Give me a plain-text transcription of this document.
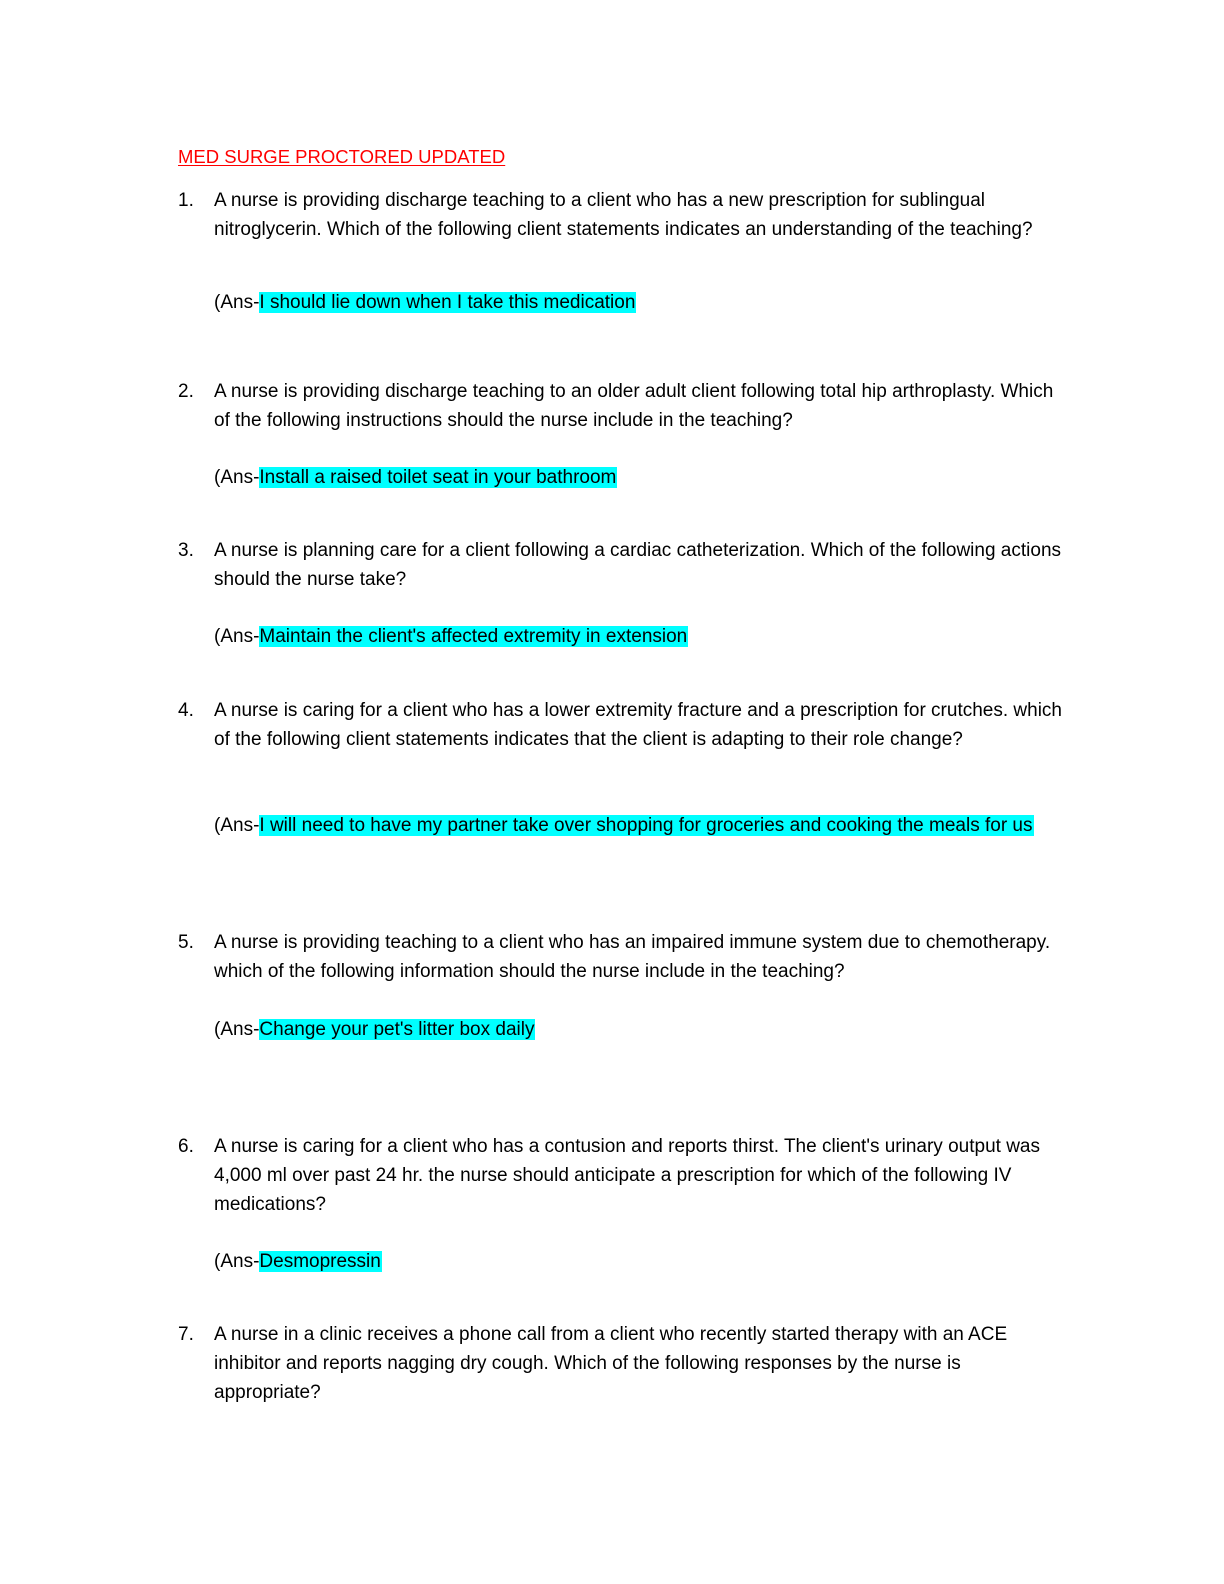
MED SURGE PROCTORED UPDATED
1.	A nurse is providing discharge teaching to a client who has a new prescription for sublingual nitroglycerin. Which of the following client statements indicates an understanding of the teaching?
(Ans-I should lie down when I take this medication
2.	A nurse is providing discharge teaching to an older adult client following total hip arthroplasty. Which of the following instructions should the nurse include in the teaching?
(Ans-Install a raised toilet seat in your bathroom
3.	A nurse is planning care for a client following a cardiac catheterization. Which of the following actions should the nurse take?
(Ans-Maintain the client's affected extremity in extension
4.	A nurse is caring for a client who has a lower extremity fracture and a prescription for crutches. which of the following client statements indicates that the client is adapting to their role change?
(Ans-I will need to have my partner take over shopping for groceries and cooking the meals for us
5.	A nurse is providing teaching to a client who has an impaired immune system due to chemotherapy. which of the following information should the nurse include in the teaching?
(Ans-Change your pet's litter box daily
6.	A nurse is caring for a client who has a contusion and reports thirst. The client's urinary output was 4,000 ml over past 24 hr. the nurse should anticipate a prescription for which of the following IV medications?
(Ans-Desmopressin
7.	A nurse in a clinic receives a phone call from a client who recently started therapy with an ACE inhibitor and reports nagging dry cough. Which of the following responses by the nurse is appropriate?
